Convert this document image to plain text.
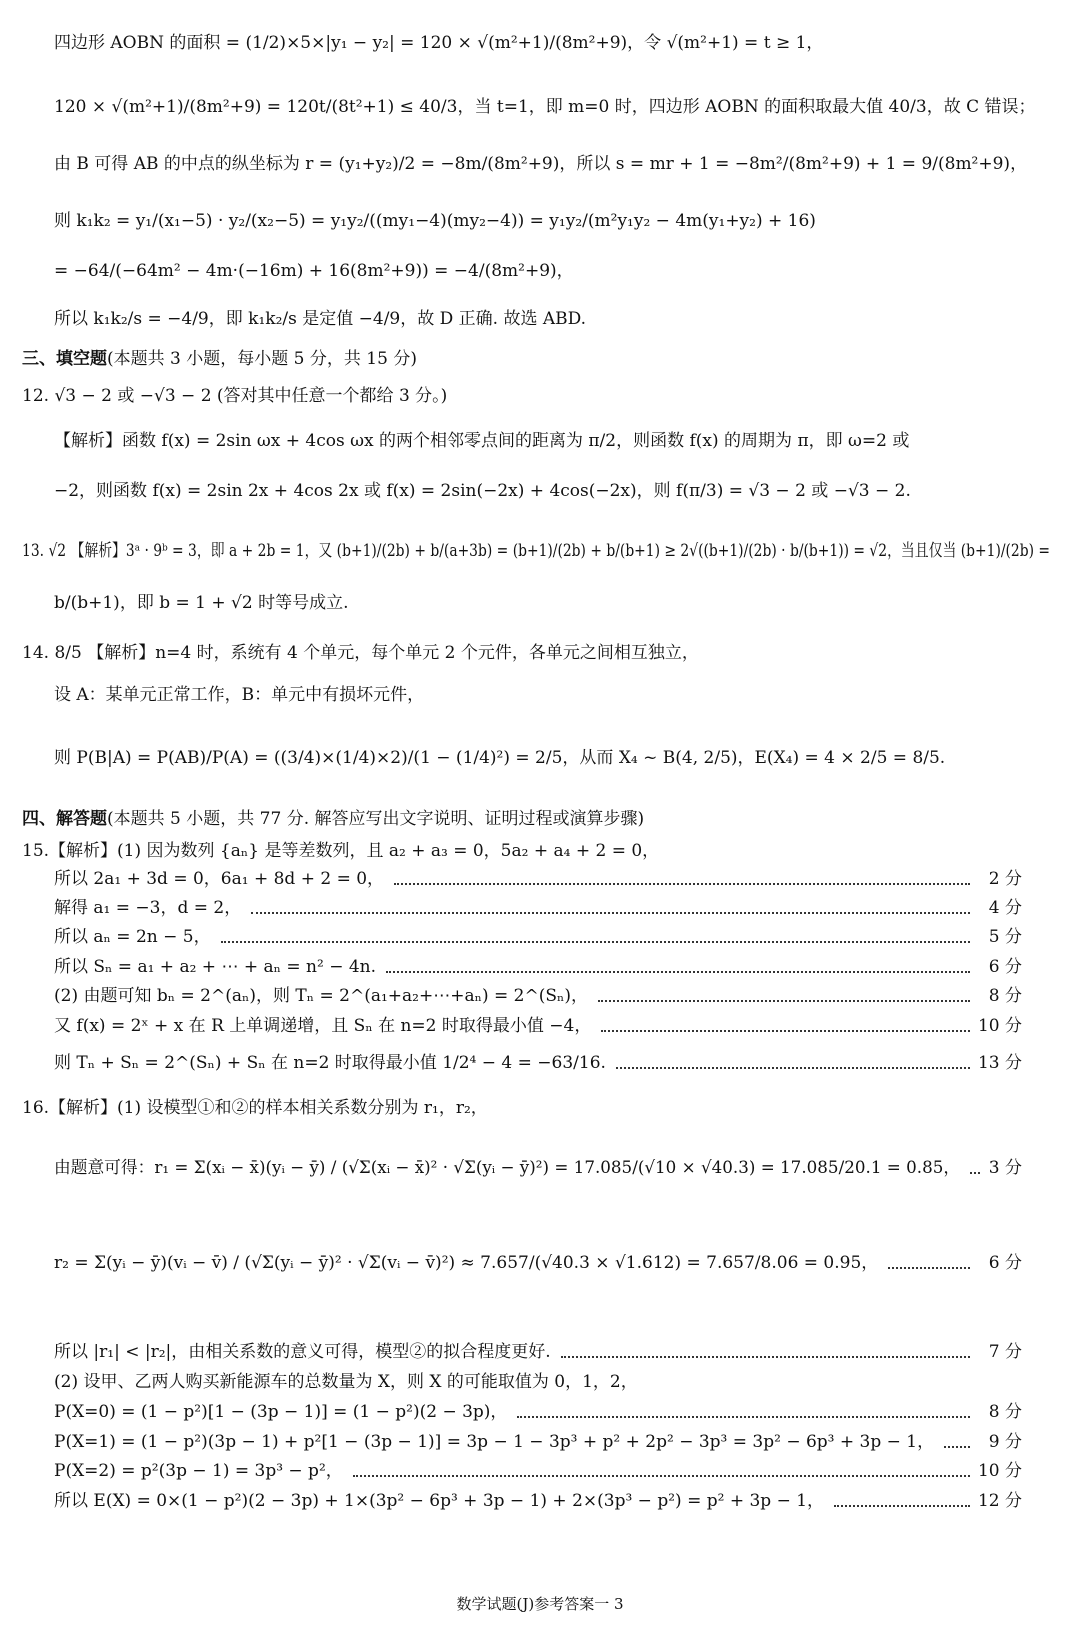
四边形 AOBN 的面积 = (1/2)×5×|y₁ − y₂| = 120 × √(m²+1)/(8m²+9)，令 √(m²+1) = t ≥ 1，
120 × √(m²+1)/(8m²+9) = 120t/(8t²+1) ≤ 40/3，当 t=1，即 m=0 时，四边形 AOBN 的面积取最大值 40/3，故 C 错误；
由 B 可得 AB 的中点的纵坐标为 r = (y₁+y₂)/2 = −8m/(8m²+9)，所以 s = mr + 1 = −8m²/(8m²+9) + 1 = 9/(8m²+9)，
则 k₁k₂ = y₁/(x₁−5) · y₂/(x₂−5) = y₁y₂/((my₁−4)(my₂−4)) = y₁y₂/(m²y₁y₂ − 4m(y₁+y₂) + 16)
= −64/(−64m² − 4m·(−16m) + 16(8m²+9)) = −4/(8m²+9)，
所以 k₁k₂/s = −4/9，即 k₁k₂/s 是定值 −4/9，故 D 正确. 故选 ABD.
三、填空题(本题共 3 小题，每小题 5 分，共 15 分)
12. √3 − 2 或 −√3 − 2 (答对其中任意一个都给 3 分。)
【解析】函数 f(x) = 2sin ωx + 4cos ωx 的两个相邻零点间的距离为 π/2，则函数 f(x) 的周期为 π，即 ω=2 或
−2，则函数 f(x) = 2sin 2x + 4cos 2x 或 f(x) = 2sin(−2x) + 4cos(−2x)，则 f(π/3) = √3 − 2 或 −√3 − 2.
13. √2 【解析】3ᵃ · 9ᵇ = 3，即 a + 2b = 1，又 (b+1)/(2b) + b/(a+3b) = (b+1)/(2b) + b/(b+1) ≥ 2√((b+1)/(2b) · b/(b+1)) = √2，当且仅当 (b+1)/(2b) =
b/(b+1)，即 b = 1 + √2 时等号成立.
14. 8/5 【解析】n=4 时，系统有 4 个单元，每个单元 2 个元件，各单元之间相互独立，
设 A：某单元正常工作，B：单元中有损坏元件，
则 P(B|A) = P(AB)/P(A) = ((3/4)×(1/4)×2)/(1 − (1/4)²) = 2/5，从而 X₄ ~ B(4, 2/5)，E(X₄) = 4 × 2/5 = 8/5.
四、解答题(本题共 5 小题，共 77 分. 解答应写出文字说明、证明过程或演算步骤)
15.【解析】(1) 因为数列 {aₙ} 是等差数列，且 a₂ + a₃ = 0，5a₂ + a₄ + 2 = 0，
所以 2a₁ + 3d = 0，6a₁ + 8d + 2 = 0，	2 分
解得 a₁ = −3，d = 2，	4 分
所以 aₙ = 2n − 5，	5 分
所以 Sₙ = a₁ + a₂ + ⋯ + aₙ = n² − 4n.	6 分
(2) 由题可知 bₙ = 2^(aₙ)，则 Tₙ = 2^(a₁+a₂+⋯+aₙ) = 2^(Sₙ)，	8 分
又 f(x) = 2ˣ + x 在 R 上单调递增，且 Sₙ 在 n=2 时取得最小值 −4，	10 分
则 Tₙ + Sₙ = 2^(Sₙ) + Sₙ 在 n=2 时取得最小值 1/2⁴ − 4 = −63/16.	13 分
16.【解析】(1) 设模型①和②的样本相关系数分别为 r₁，r₂，
由题意可得：r₁ = Σ(xᵢ − x̄)(yᵢ − ȳ) / (√Σ(xᵢ − x̄)² · √Σ(yᵢ − ȳ)²) = 17.085/(√10 × √40.3) = 17.085/20.1 = 0.85， 3 分
r₂ = Σ(yᵢ − ȳ)(vᵢ − v̄) / (√Σ(yᵢ − ȳ)² · √Σ(vᵢ − v̄)²) ≈ 7.657/(√40.3 × √1.612) = 7.657/8.06 = 0.95，	6 分
所以 |r₁| < |r₂|，由相关系数的意义可得，模型②的拟合程度更好.	7 分
(2) 设甲、乙两人购买新能源车的总数量为 X，则 X 的可能取值为 0，1，2，
P(X=0) = (1 − p²)[1 − (3p − 1)] = (1 − p²)(2 − 3p)，	8 分
P(X=1) = (1 − p²)(3p − 1) + p²[1 − (3p − 1)] = 3p − 1 − 3p³ + p² + 2p² − 3p³ = 3p² − 6p³ + 3p − 1，	9 分
P(X=2) = p²(3p − 1) = 3p³ − p²，	10 分
所以 E(X) = 0×(1 − p²)(2 − 3p) + 1×(3p² − 6p³ + 3p − 1) + 2×(3p³ − p²) = p² + 3p − 1，	12 分
数学试题(J)参考答案一 3
